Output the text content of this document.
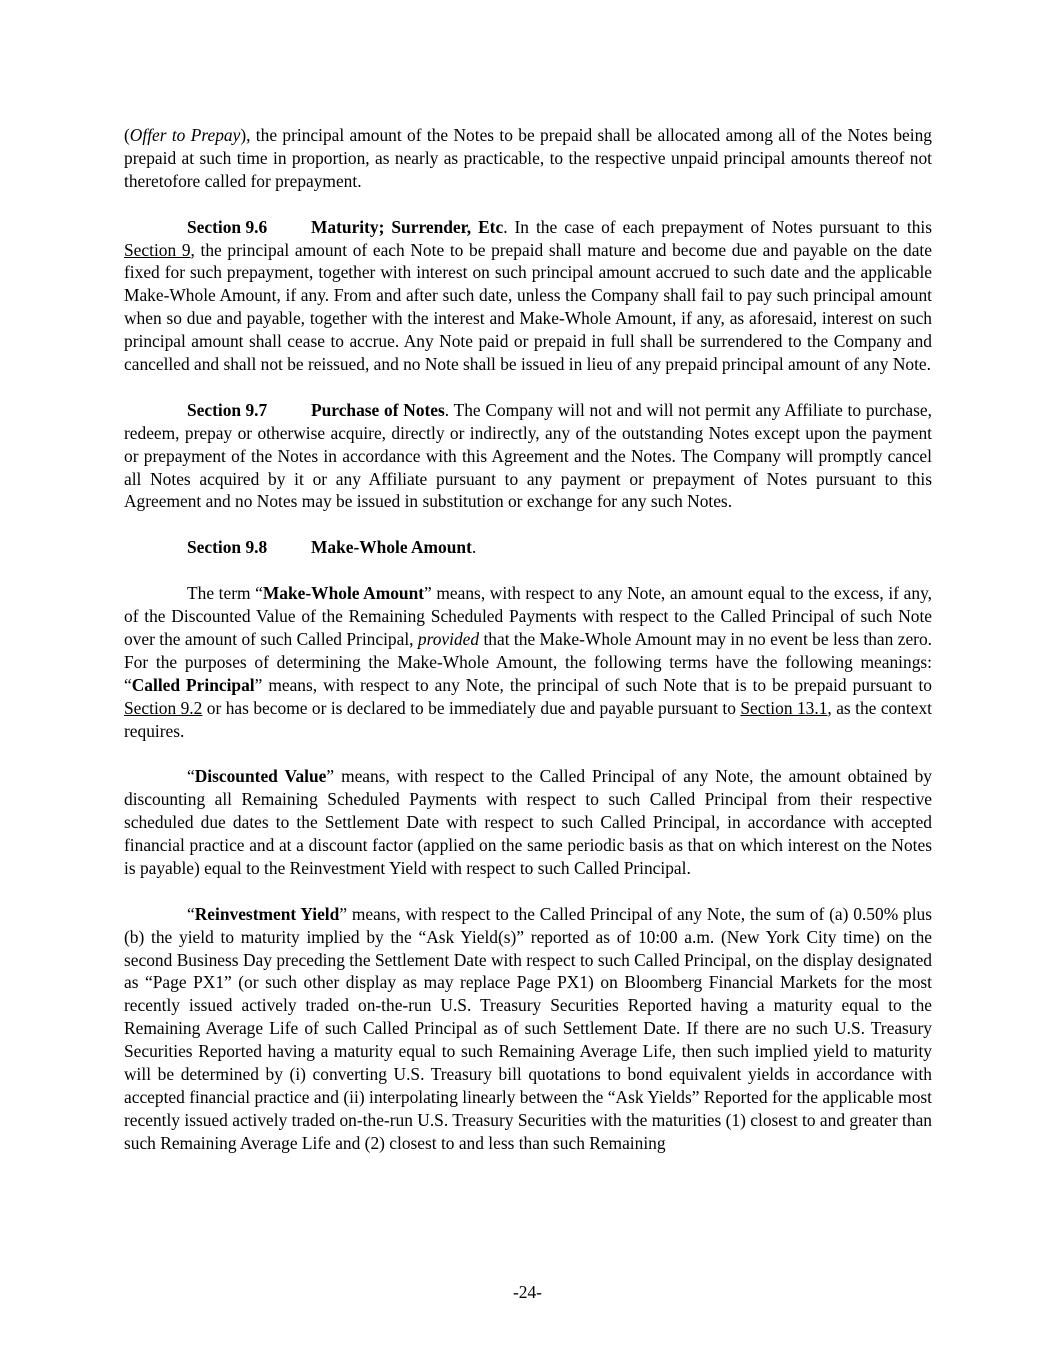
(Offer to Prepay), the principal amount of the Notes to be prepaid shall be allocated among all of the Notes being prepaid at such time in proportion, as nearly as practicable, to the respective unpaid principal amounts thereof not theretofore called for prepayment.

Section 9.6	Maturity; Surrender, Etc. In the case of each prepayment of Notes pursuant to this Section 9, the principal amount of each Note to be prepaid shall mature and become due and payable on the date fixed for such prepayment, together with interest on such principal amount accrued to such date and the applicable Make-Whole Amount, if any. From and after such date, unless the Company shall fail to pay such principal amount when so due and payable, together with the interest and Make-Whole Amount, if any, as aforesaid, interest on such principal amount shall cease to accrue. Any Note paid or prepaid in full shall be surrendered to the Company and cancelled and shall not be reissued, and no Note shall be issued in lieu of any prepaid principal amount of any Note.

Section 9.7	Purchase of Notes. The Company will not and will not permit any Affiliate to purchase, redeem, prepay or otherwise acquire, directly or indirectly, any of the outstanding Notes except upon the payment or prepayment of the Notes in accordance with this Agreement and the Notes. The Company will promptly cancel all Notes acquired by it or any Affiliate pursuant to any payment or prepayment of Notes pursuant to this Agreement and no Notes may be issued in substitution or exchange for any such Notes.

Section 9.8	Make-Whole Amount.

The term “Make-Whole Amount” means, with respect to any Note, an amount equal to the excess, if any, of the Discounted Value of the Remaining Scheduled Payments with respect to the Called Principal of such Note over the amount of such Called Principal, provided that the Make-Whole Amount may in no event be less than zero. For the purposes of determining the Make-Whole Amount, the following terms have the following meanings: “Called Principal” means, with respect to any Note, the principal of such Note that is to be prepaid pursuant to Section 9.2 or has become or is declared to be immediately due and payable pursuant to Section 13.1, as the context requires.

“Discounted Value” means, with respect to the Called Principal of any Note, the amount obtained by discounting all Remaining Scheduled Payments with respect to such Called Principal from their respective scheduled due dates to the Settlement Date with respect to such Called Principal, in accordance with accepted financial practice and at a discount factor (applied on the same periodic basis as that on which interest on the Notes is payable) equal to the Reinvestment Yield with respect to such Called Principal.

“Reinvestment Yield” means, with respect to the Called Principal of any Note, the sum of (a) 0.50% plus (b) the yield to maturity implied by the “Ask Yield(s)” reported as of 10:00 a.m. (New York City time) on the second Business Day preceding the Settlement Date with respect to such Called Principal, on the display designated as “Page PX1” (or such other display as may replace Page PX1) on Bloomberg Financial Markets for the most recently issued actively traded on-the-run U.S. Treasury Securities Reported having a maturity equal to the Remaining Average Life of such Called Principal as of such Settlement Date. If there are no such U.S. Treasury Securities Reported having a maturity equal to such Remaining Average Life, then such implied yield to maturity will be determined by (i) converting U.S. Treasury bill quotations to bond equivalent yields in accordance with accepted financial practice and (ii) interpolating linearly between the “Ask Yields” Reported for the applicable most recently issued actively traded on-the-run U.S. Treasury Securities with the maturities (1) closest to and greater than such Remaining Average Life and (2) closest to and less than such Remaining

-24-
